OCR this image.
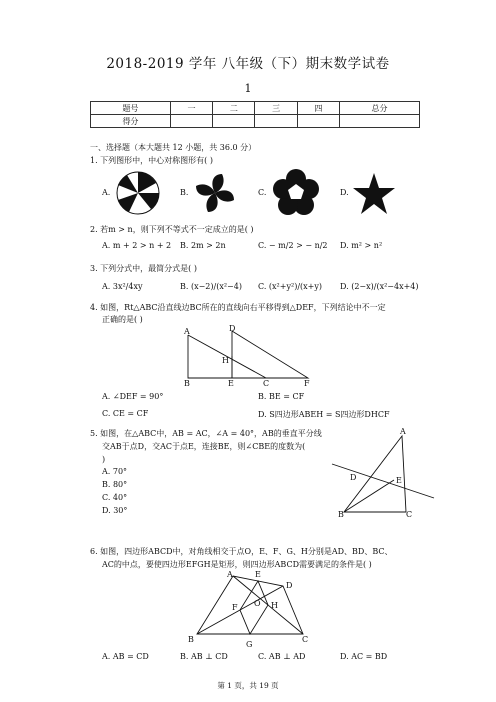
2018-2019 学年 八年级（下）期末数学试卷
1
题号	一	二	三	四	总分
得分					
一、选择题（本大题共 12 小题，共 36.0 分）
1. 下列图形中，中心对称图形有( )
A.	B.	C.	D.
2. 若m > n，则下列不等式不一定成立的是( )
A. m + 2 > n + 2 B. 2m > 2n	C. − m/2 > − n/2 D. m² > n²
3. 下列分式中，最简分式是( )
A. 3x²/4xy	B. (x−2)/(x²−4) C. (x²+y²)/(x+y) D. (2−x)/(x²−4x+4)
4. 如图，Rt△ABC沿直线边BC所在的直线向右平移得到△DEF，下列结论中不一定
正确的是( )
A	D
H
B	E	C	F
A. ∠DEF = 90°	B. BE = CF
C. CE = CF	D. S四边形ABEH = S四边形DHCF
5. 如图，在△ABC中，AB = AC，∠A = 40°，AB的垂直平分线
交AB于点D，交AC于点E，连接BE，则∠CBE的度数为(
)
A. 70°
B. 80°
C. 40°
D. 30°
A
D	E
B	C
6. 如图，四边形ABCD中，对角线相交于点O，E、F、G、H分别是AD、BD、BC、
AC的中点，要使四边形EFGH是矩形，则四边形ABCD需要满足的条件是( )
A	E
D
H
F O
B
G
C
A. AB = CD	B. AB ⊥ CD	C. AB ⊥ AD	D. AC = BD
第 1 页，共 19 页
